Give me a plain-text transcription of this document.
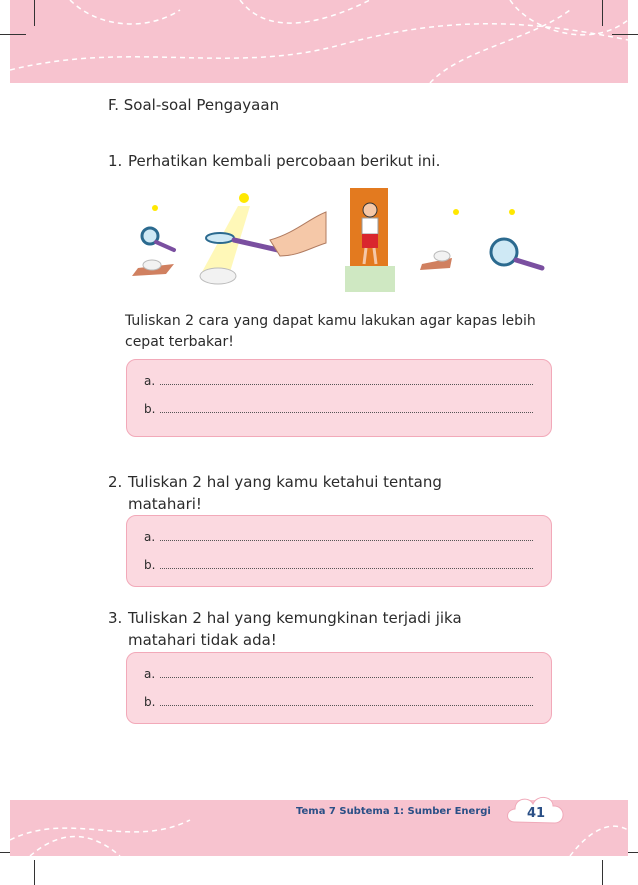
F. Soal-soal Pengayaan
1. Perhatikan kembali percobaan berikut ini.
Tuliskan 2 cara yang dapat kamu lakukan agar kapas lebih cepat terbakar!
a.
b.
2. Tuliskan 2 hal yang kamu ketahui tentang
matahari!
a.
b.
3. Tuliskan 2 hal yang kemungkinan terjadi jika
matahari tidak ada!
a.
b.
Tema 7 Subtema 1: Sumber Energi	41
